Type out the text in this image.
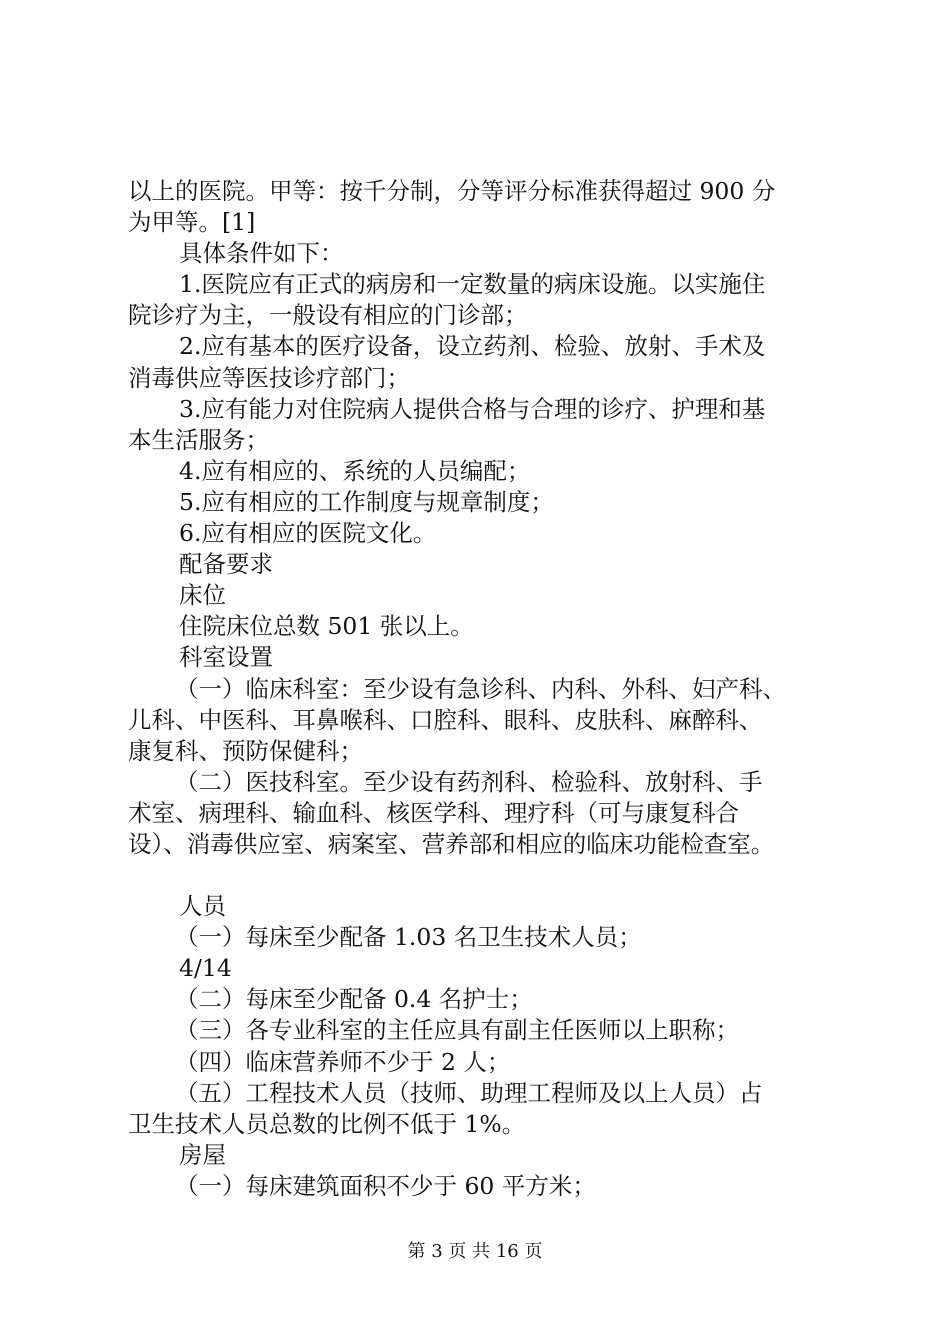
以上的医院。甲等：按千分制，分等评分标准获得超过 900 分

为甲等。[1]

具体条件如下：

1.医院应有正式的病房和一定数量的病床设施。以实施住

院诊疗为主，一般设有相应的门诊部；

2.应有基本的医疗设备，设立药剂、检验、放射、手术及

消毒供应等医技诊疗部门；

3.应有能力对住院病人提供合格与合理的诊疗、护理和基

本生活服务；

4.应有相应的、系统的人员编配；

5.应有相应的工作制度与规章制度；

6.应有相应的医院文化。

配备要求

床位

住院床位总数 501 张以上。

科室设置

（一）临床科室：至少设有急诊科、内科、外科、妇产科、

儿科、中医科、耳鼻喉科、口腔科、眼科、皮肤科、麻醉科、

康复科、预防保健科；

（二）医技科室。至少设有药剂科、检验科、放射科、手

术室、病理科、输血科、核医学科、理疗科（可与康复科合

设）、消毒供应室、病案室、营养部和相应的临床功能检查室。

人员

（一）每床至少配备 1.03 名卫生技术人员；

4/14

（二）每床至少配备 0.4 名护士；

（三）各专业科室的主任应具有副主任医师以上职称；

（四）临床营养师不少于 2 人；

（五）工程技术人员（技师、助理工程师及以上人员）占

卫生技术人员总数的比例不低于 1%。

房屋

（一）每床建筑面积不少于 60 平方米；

第 3 页 共 16 页
